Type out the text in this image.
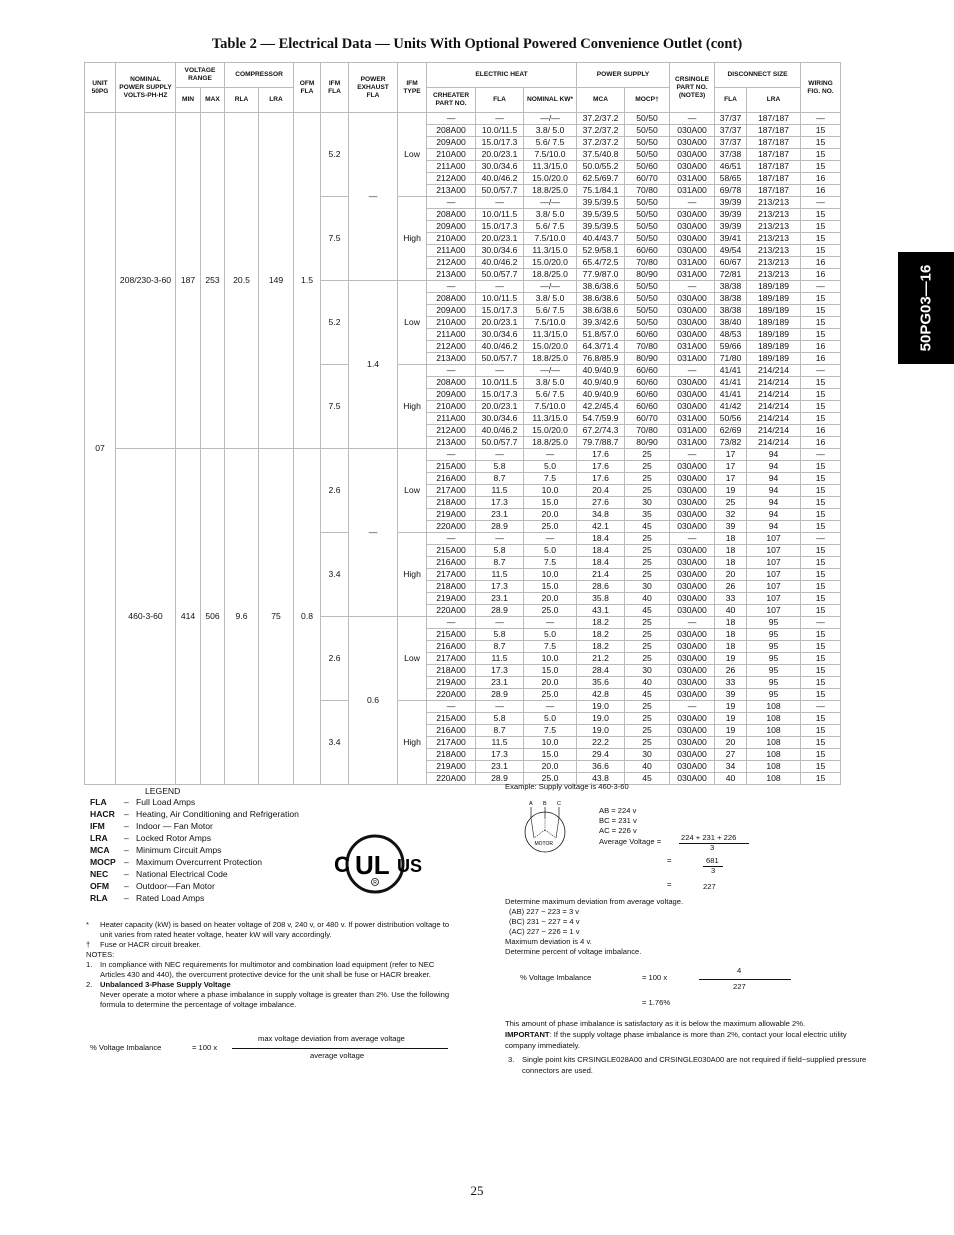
Table 2 — Electrical Data — Units With Optional Powered Convenience Outlet (cont)
UNIT 50PG	NOMINAL POWER SUPPLY VOLTS-PH-HZ	VOLTAGE RANGE		COMPRESSOR		OFM FLA	IFM FLA	POWER EXHAUST FLA	IFM TYPE	ELECTRIC HEAT			POWER SUPPLY		CRSINGLE PART NO. (NOTE3)	DISCONNECT SIZE		WIRING FIG. NO.
		MIN	MAX	RLA	LRA					CRHEATER PART NO.	FLA	NOMINAL KW*	MCA	MOCP†		FLA	LRA	
07	208/230-3-60	187	253	20.5	149	1.5	5.2	—	Low	—	—	—/—	37.2/37.2	50/50	—	37/37	187/187	—
										208A00	10.0/11.5	3.8/ 5.0	37.2/37.2	50/50	030A00	37/37	187/187	15
										209A00	15.0/17.3	5.6/ 7.5	37.2/37.2	50/50	030A00	37/37	187/187	15
										210A00	20.0/23.1	7.5/10.0	37.5/40.8	50/50	030A00	37/38	187/187	15
										211A00	30.0/34.6	11.3/15.0	50.0/55.2	50/60	030A00	46/51	187/187	15
										212A00	40.0/46.2	15.0/20.0	62.5/69.7	60/70	031A00	58/65	187/187	16
										213A00	50.0/57.7	18.8/25.0	75.1/84.1	70/80	031A00	69/78	187/187	16
							7.5		High	—	—	—/—	39.5/39.5	50/50	—	39/39	213/213	—
										208A00	10.0/11.5	3.8/ 5.0	39.5/39.5	50/50	030A00	39/39	213/213	15
										209A00	15.0/17.3	5.6/ 7.5	39.5/39.5	50/50	030A00	39/39	213/213	15
										210A00	20.0/23.1	7.5/10.0	40.4/43.7	50/50	030A00	39/41	213/213	15
										211A00	30.0/34.6	11.3/15.0	52.9/58.1	60/60	030A00	49/54	213/213	15
										212A00	40.0/46.2	15.0/20.0	65.4/72.5	70/80	031A00	60/67	213/213	16
										213A00	50.0/57.7	18.8/25.0	77.9/87.0	80/90	031A00	72/81	213/213	16
							5.2	1.4	Low	—	—	—/—	38.6/38.6	50/50	—	38/38	189/189	—
										208A00	10.0/11.5	3.8/ 5.0	38.6/38.6	50/50	030A00	38/38	189/189	15
										209A00	15.0/17.3	5.6/ 7.5	38.6/38.6	50/50	030A00	38/38	189/189	15
										210A00	20.0/23.1	7.5/10.0	39.3/42.6	50/50	030A00	38/40	189/189	15
										211A00	30.0/34.6	11.3/15.0	51.8/57.0	60/60	030A00	48/53	189/189	15
										212A00	40.0/46.2	15.0/20.0	64.3/71.4	70/80	031A00	59/66	189/189	16
										213A00	50.0/57.7	18.8/25.0	76.8/85.9	80/90	031A00	71/80	189/189	16
							7.5		High	—	—	—/—	40.9/40.9	60/60	—	41/41	214/214	—
										208A00	10.0/11.5	3.8/ 5.0	40.9/40.9	60/60	030A00	41/41	214/214	15
										209A00	15.0/17.3	5.6/ 7.5	40.9/40.9	60/60	030A00	41/41	214/214	15
										210A00	20.0/23.1	7.5/10.0	42.2/45.4	60/60	030A00	41/42	214/214	15
										211A00	30.0/34.6	11.3/15.0	54.7/59.9	60/70	031A00	50/56	214/214	15
										212A00	40.0/46.2	15.0/20.0	67.2/74.3	70/80	031A00	62/69	214/214	16
										213A00	50.0/57.7	18.8/25.0	79.7/88.7	80/90	031A00	73/82	214/214	16
	460-3-60	414	506	9.6	75	0.8	2.6	—	Low	—	—	—	17.6	25	—	17	94	—
										215A00	5.8	5.0	17.6	25	030A00	17	94	15
										216A00	8.7	7.5	17.6	25	030A00	17	94	15
										217A00	11.5	10.0	20.4	25	030A00	19	94	15
										218A00	17.3	15.0	27.6	30	030A00	25	94	15
										219A00	23.1	20.0	34.8	35	030A00	32	94	15
										220A00	28.9	25.0	42.1	45	030A00	39	94	15
							3.4		High	—	—	—	18.4	25	—	18	107	—
										215A00	5.8	5.0	18.4	25	030A00	18	107	15
										216A00	8.7	7.5	18.4	25	030A00	18	107	15
										217A00	11.5	10.0	21.4	25	030A00	20	107	15
										218A00	17.3	15.0	28.6	30	030A00	26	107	15
										219A00	23.1	20.0	35.8	40	030A00	33	107	15
										220A00	28.9	25.0	43.1	45	030A00	40	107	15
							2.6	0.6	Low	—	—	—	18.2	25	—	18	95	—
										215A00	5.8	5.0	18.2	25	030A00	18	95	15
										216A00	8.7	7.5	18.2	25	030A00	18	95	15
										217A00	11.5	10.0	21.2	25	030A00	19	95	15
										218A00	17.3	15.0	28.4	30	030A00	26	95	15
										219A00	23.1	20.0	35.6	40	030A00	33	95	15
										220A00	28.9	25.0	42.8	45	030A00	39	95	15
							3.4		High	—	—	—	19.0	25	—	19	108	—
										215A00	5.8	5.0	19.0	25	030A00	19	108	15
										216A00	8.7	7.5	19.0	25	030A00	19	108	15
										217A00	11.5	10.0	22.2	25	030A00	20	108	15
										218A00	17.3	15.0	29.4	30	030A00	27	108	15
										219A00	23.1	20.0	36.6	40	030A00	34	108	15
										220A00	28.9	25.0	43.8	45	030A00	40	108	15
50PG03—16
LEGEND
FLA	– Full Load Amps
HACR	– Heating, Air Conditioning and Refrigeration
IFM	– Indoor — Fan Motor
LRA	– Locked Rotor Amps
MCA	– Minimum Circuit Amps
MOCP – Maximum Overcurrent Protection
NEC	– National Electrical Code
OFM	– Outdoor—Fan Motor
RLA	– Rated Load Amps
C UL US
R
*	Heater capacity (kW) is based on heater voltage of 208 v, 240 v, or 480 v. If power distribution voltage to unit varies from rated heater voltage, heater kW will vary accordingly.
†	Fuse or HACR circuit breaker.
NOTES:
1.	In compliance with NEC requirements for multimotor and combination load equipment (refer to NEC Articles 430 and 440), the overcurrent protective device for the unit shall be fuse or HACR breaker.
2.	Unbalanced 3-Phase Supply Voltage
Never operate a motor where a phase imbalance in supply voltage is greater than 2%. Use the following formula to determine the percentage of voltage imbalance.
% Voltage Imbalance	= 100 x
max voltage deviation from average voltage
average voltage
Example: Supply voltage is 460-3-60
A B C
MOTOR
AB = 224 v
BC = 231 v
AC = 226 v
Average Voltage =	224 + 231 + 226
3
=	681
3
=	227
Determine maximum deviation from average voltage.
(AB) 227 − 223 = 3 v
(BC) 231 − 227 = 4 v
(AC) 227 − 226 = 1 v
Maximum deviation is 4 v.
Determine percent of voltage imbalance.
% Voltage Imbalance	= 100 x
4
227
= 1.76%
This amount of phase imbalance is satisfactory as it is below the maximum allowable 2%.
IMPORTANT: If the supply voltage phase imbalance is more than 2%, contact your local electric utility company immediately.
3.	Single point kits CRSINGLE028A00 and CRSINGLE030A00 are not required if field−supplied pressure connectors are used.
25
